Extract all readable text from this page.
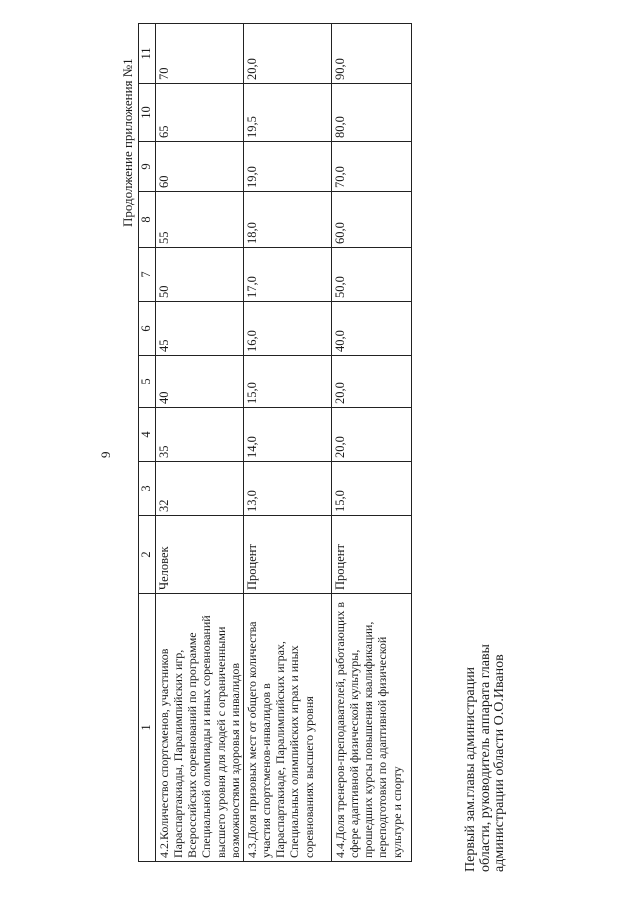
9
Продолжение приложения №1
1	2	3	4	5	6	7	8	9	10	11
4.2.Количество спортсменов, участников Параспартакиады, Паралимпийских игр, Всероссийских соревнований по программе Специальной олимпиады и иных соревнований высшего уровня для людей с ограниченными возможностями здоровья и инвалидов	Человек	32	35	40	45	50	55	60	65	70
4.3.Доля призовых мест от общего количества участия спортсменов-инвалидов в Параспартакиаде, Паралимпийских играх, Специальных олимпийских играх и иных соревнованиях высшего уровня	Процент	13,0	14,0	15,0	16,0	17,0	18,0	19,0	19,5	20,0
4.4.Доля тренеров-преподавателей, работающих в сфере адаптивной физической культуры, прошедших курсы повышения квалификации, переподготовки по адаптивной физической культуре и спорту	Процент	15,0	20,0	20,0	40,0	50,0	60,0	70,0	80,0	90,0
Первый зам.главы администрации области, руководитель аппарата главы администрации области О.О.Иванов
